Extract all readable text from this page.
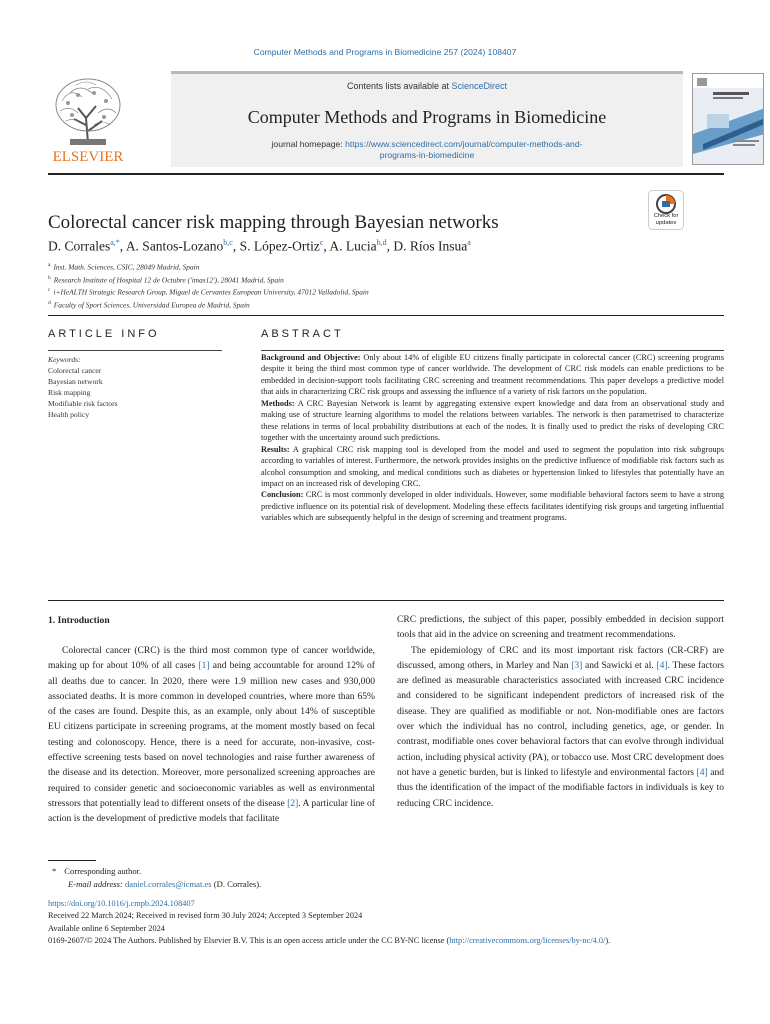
Computer Methods and Programs in Biomedicine 257 (2024) 108407
ELSEVIER
Contents lists available at ScienceDirect
Computer Methods and Programs in Biomedicine
journal homepage: https://www.sciencedirect.com/journal/computer-methods-and-
programs-in-biomedicine
Colorectal cancer risk mapping through Bayesian networks	Check for updates
D. Corrales$^{a,*}$, A. Santos-Lozano$^{b,c}$, S. López-Ortiz$^c$, A. Lucia$^{b,d}$, D. Ríos Insua$^a$
$^a$ Inst. Math. Sciences, CSIC, 28049 Madrid, Spain
$^b$ Research Institute of Hospital 12 de Octubre ('imas12'), 28041 Madrid, Spain
$^c$ i+HeALTH Strategic Research Group, Miguel de Cervantes European University, 47012 Valladolid, Spain
$^d$ Faculty of Sport Sciences, Universidad Europea de Madrid, Spain
ARTICLE INFO
Keywords:
Colorectal cancer
Bayesian network
Risk mapping
Modifiable risk factors
Health policy
ABSTRACT

Background and Objective: Only about 14% of eligible EU citizens finally participate in colorectal cancer (CRC) screening programs despite it being the third most common type of cancer worldwide. The development of CRC risk models can enable predictions to be embedded in decision-support tools facilitating CRC screening and treatment recommendations. This paper develops a predictive model that aids in characterizing CRC risk groups and assessing the influence of a variety of risk factors on the population.

Methods: A CRC Bayesian Network is learnt by aggregating extensive expert knowledge and data from an observational study and making use of structure learning algorithms to model the relations between variables. The network is then parametrised to characterize these relations in terms of local probability distributions at each of the nodes. It is finally used to predict the risks of developing CRC together with the uncertainty around such predictions.

Results: A graphical CRC risk mapping tool is developed from the model and used to segment the population into risk subgroups according to variables of interest. Furthermore, the network provides insights on the predictive influence of modifiable risk factors such as alcohol consumption and smoking, and medical conditions such as diabetes or hypertension linked to lifestyles that potentially have an impact on an increased risk of developing CRC.

Conclusion: CRC is most commonly developed in older individuals. However, some modifiable behavioral factors seem to have a strong predictive influence on its potential risk of development. Modeling these effects facilitates identifying risk groups and targeting influential variables which are subsequently helpful in the design of screening and treatment programs.

1. Introduction
Colorectal cancer (CRC) is the third most common type of cancer worldwide, making up for about 10% of all cases [1] and being accountable for around 12% of all deaths due to cancer. In 2020, there were 1.9 million new cases and 930,000 associated deaths. It is more common in developed countries, where more than 65% of the cases are found. Despite this, as an example, only about 14% of susceptible EU citizens participate in screening programs, at the moment mostly based on fecal testing and colonoscopy. Hence, there is a need for accurate, non-invasive, cost-effective screening tests based on novel technologies and raise further awareness of the disease and its detection. Moreover, more personalized screening approaches are required to consider genetic and socioeconomic variables as well as environmental stressors that potentially lead to different onsets of the disease [2]. A particular line of action is the development of predictive models that facilitate

CRC predictions, the subject of this paper, possibly embedded in decision support tools that aid in the advice on screening and treatment recommendations.

The epidemiology of CRC and its most important risk factors (CR-CRF) are discussed, among others, in Marley and Nan [3] and Sawicki et al. [4]. These factors are defined as measurable characteristics associated with increased CRC incidence and considered to be significant independent predictors of increased risk of the disease. They are qualified as modifiable or not. Non-modifiable ones are factors over which the individual has no control, including genetics, age, or gender. In contrast, modifiable ones cover behavioral factors that can evolve through individual action, including physical activity (PA), or tobacco use. Most CRC development does not have a genetic burden, but is linked to lifestyle and environmental factors [4] and thus the identification of the impact of the modifiable factors in individuals is key to reducing CRC incidence.

* Corresponding author.
E-mail address: daniel.corrales@icmat.es (D. Corrales).
https://doi.org/10.1016/j.cmpb.2024.108407
Received 22 March 2024; Received in revised form 30 July 2024; Accepted 3 September 2024
Available online 6 September 2024
0169-2607/© 2024 The Authors. Published by Elsevier B.V. This is an open access article under the CC BY-NC license (http://creativecommons.org/licenses/by-nc/4.0/).
